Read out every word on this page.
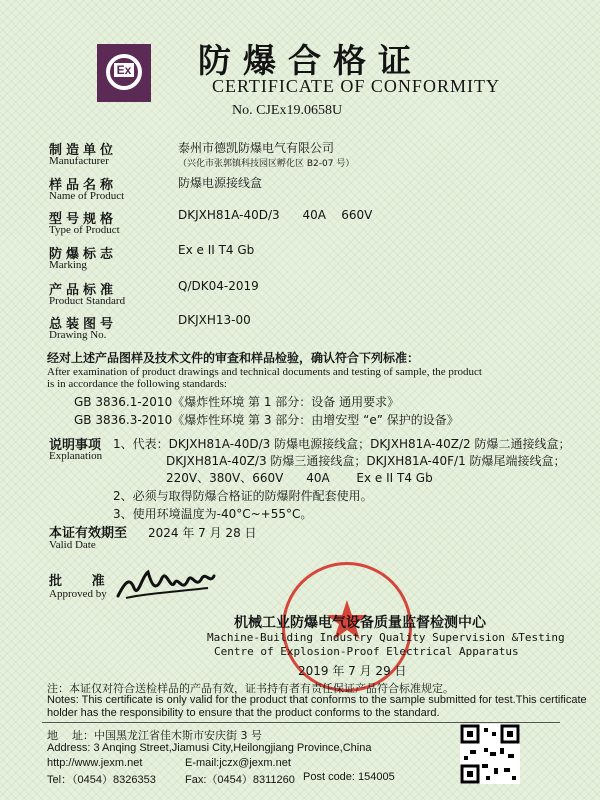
Ex	防爆合格证
CERTIFICATE OF CONFORMITY
No. CJEx19.0658U
制造单位
Manufacturer
泰州市德凯防爆电气有限公司
（兴化市张郭镇科技园区孵化区 B2-07 号）
样品名称
Name of Product
防爆电源接线盒
型号规格
Type of Product
DKJXH81A-40D/3      40A    660V
防爆标志
Marking
Ex e II T4 Gb
产品标准
Product Standard
Q/DK04-2019
总装图号
Drawing No.
DKJXH13-00
经对上述产品图样及技术文件的审查和样品检验，确认符合下列标准：
After examination of product drawings and technical documents and testing of sample, the product
is in accordance the following standards:
GB 3836.1-2010《爆炸性环境 第 1 部分：设备 通用要求》
GB 3836.3-2010《爆炸性环境 第 3 部分：由增安型 “e” 保护的设备》
说明事项
Explanation
1、代表：DKJXH81A-40D/3 防爆电源接线盒；DKJXH81A-40Z/2 防爆二通接线盒；
DKJXH81A-40Z/3 防爆三通接线盒；DKJXH81A-40F/1 防爆尾端接线盒；
220V、380V、660V      40A       Ex e II T4 Gb
2、必须与取得防爆合格证的防爆附件配套使用。
3、使用环境温度为-40°C~+55°C。
本证有效期至
Valid Date
2024 年 7 月 28 日
批   准
Approved by	★
机械工业防爆电气设备质量监督检测中心
Machine-Building Industry Quality Supervision &Testing
Centre of Explosion-Proof Electrical Apparatus
2019 年 7 月 29 日
注：本证仅对符合送检样品的产品有效，证书持有者有责任保证产品符合标准规定。
Notes: This certificate is only valid for the product that conforms to the sample submitted for test.This certificate
holder has the responsibility to ensure that the product conforms to the standard.
地    址：中国黑龙江省佳木斯市安庆街 3 号
Address: 3 Anqing Street,Jiamusi City,Heilongjiang Province,China
http://www.jexm.net	E-mail:jczx@jexm.net
Tel：（0454）8326353	Fax:（0454）8311260 Post code: 154005
